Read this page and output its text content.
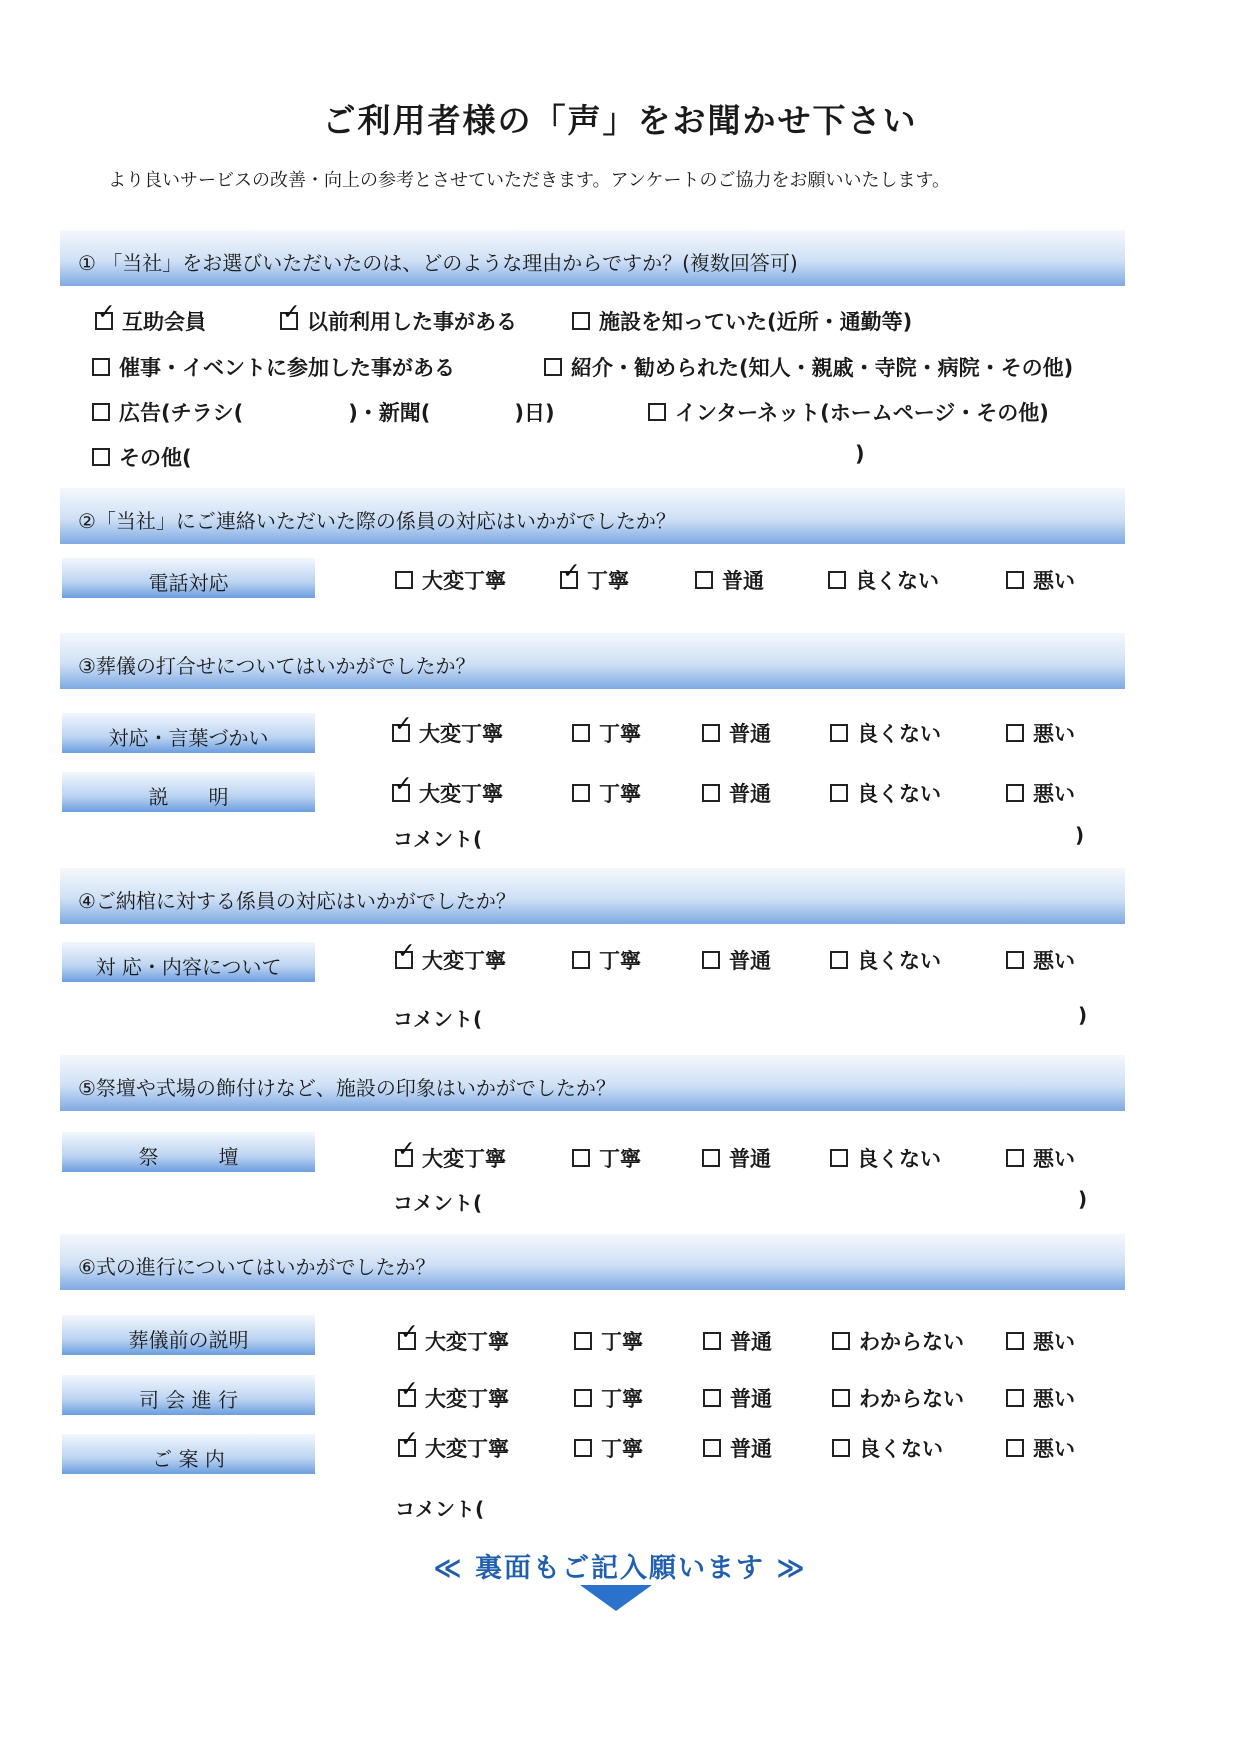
ご利用者様の「声」をお聞かせ下さい
より良いサービスの改善・向上の参考とさせていただきます。アンケートのご協力をお願いいたします。
① 「当社」をお選びいただいたのは、どのような理由からですか？(複数回答可)
✓互助会員 ✓	以前利用した事がある	施設を知っていた(近所・通勤等)
催事・イベントに参加した事がある	紹介・勧められた(知人・親戚・寺院・病院・その他)
広告(チラシ(　　　　　)・新聞(　　　　)日)	インターネット(ホームページ・その他)
その他(	)
②「当社」にご連絡いただいた際の係員の対応はいかがでしたか？
電話対応	大変丁寧 ✓	丁寧	普通	良くない	悪い
③葬儀の打合せについてはいかがでしたか？
対応・言葉づかい ✓	大変丁寧	丁寧	普通	良くない	悪い
説　　明 ✓	大変丁寧	丁寧	普通	良くない	悪い
コメント(	)
④ご納棺に対する係員の対応はいかがでしたか？
対 応・内容について ✓	大変丁寧	丁寧	普通	良くない	悪い
コメント(	)
⑤祭壇や式場の飾付けなど、施設の印象はいかがでしたか？
祭　　　壇 ✓	大変丁寧	丁寧	普通	良くない	悪い
コメント(	)
⑥式の進行についてはいかがでしたか？
葬儀前の説明 ✓	大変丁寧	丁寧	普通	わからない	悪い
司 会 進 行 ✓	大変丁寧	丁寧	普通	わからない	悪い
ご 案 内 ✓	大変丁寧	丁寧	普通	良くない	悪い
コメント(
≪ 裏面もご記入願います ≫
